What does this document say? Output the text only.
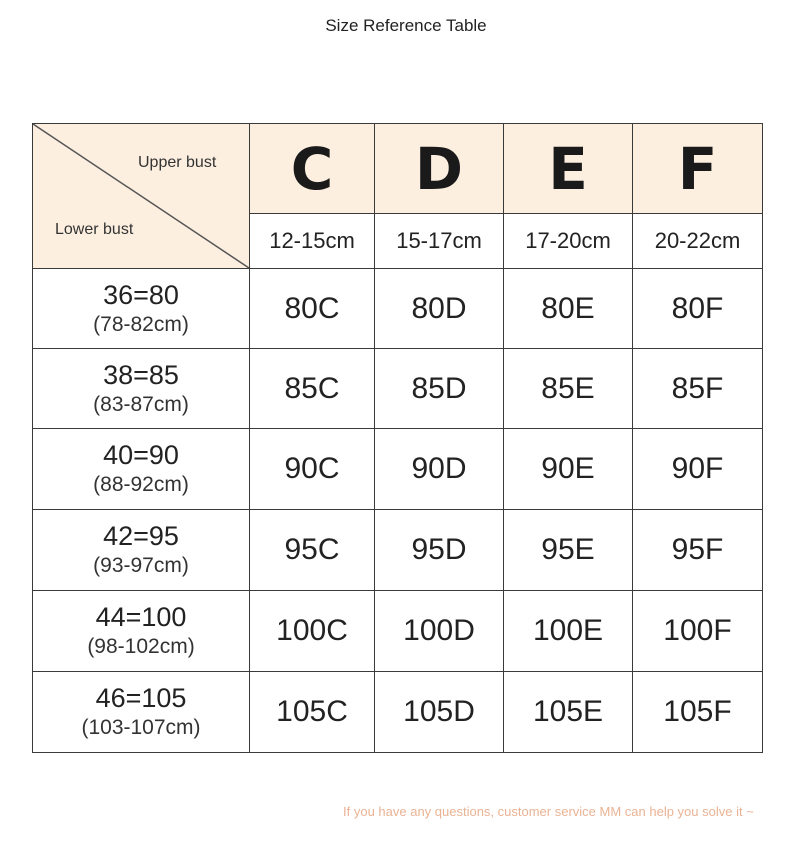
Size Reference Table
Upper bust
Lower bust	C	D	E	F
	12-15cm	15-17cm	17-20cm	20-22cm

36=80
(78-82cm)	80C	80D	80E	80F

38=85
(83-87cm)	85C	85D	85E	85F

40=90
(88-92cm)	90C	90D	90E	90F

42=95
(93-97cm)	95C	95D	95E	95F

44=100
(98-102cm)	100C	100D	100E	100F

46=105
(103-107cm)	105C	105D	105E	105F
If you have any questions, customer service MM can help you solve it ~
